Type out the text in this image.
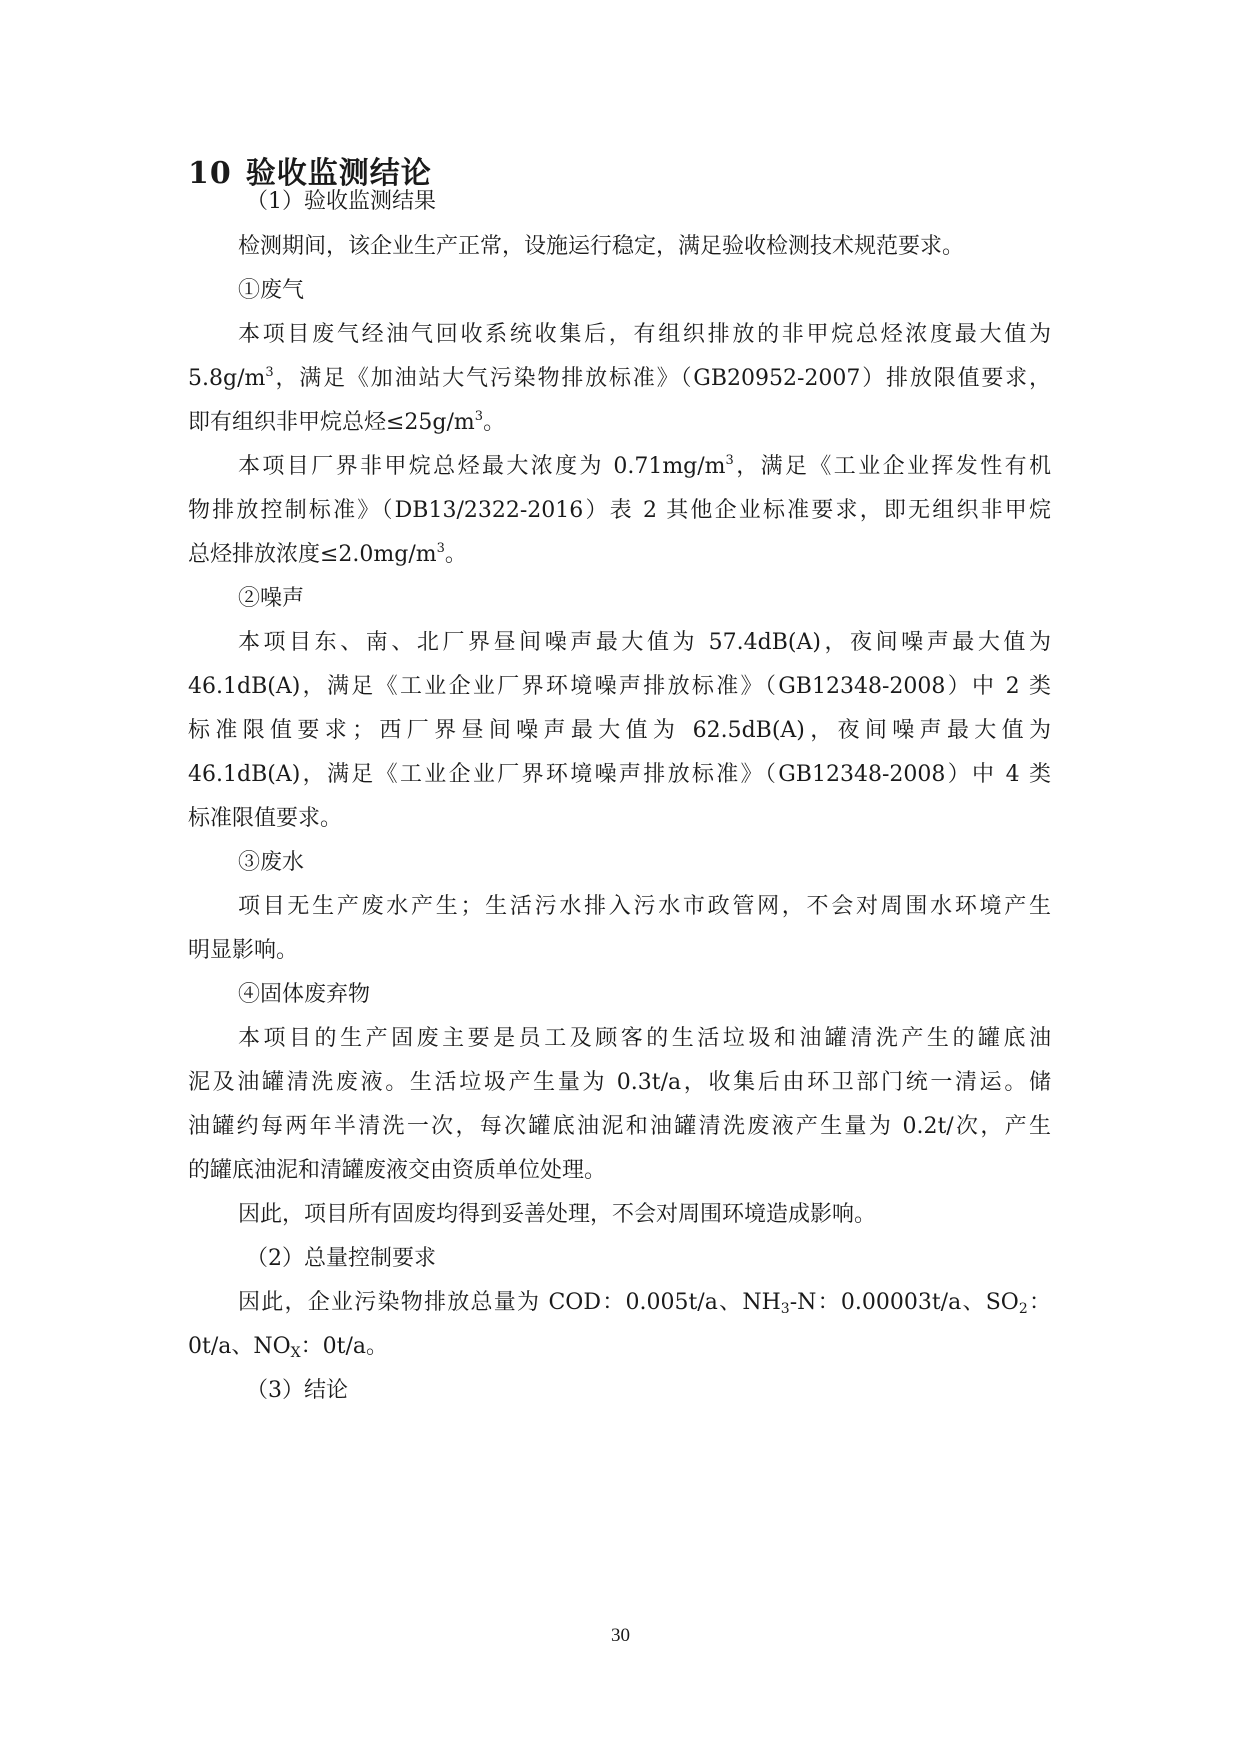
10 验收监测结论
（1）验收监测结果
检测期间，该企业生产正常，设施运行稳定，满足验收检测技术规范要求。
①废气
本项目废气经油气回收系统收集后，有组织排放的非甲烷总烃浓度最大值为
$5.8g/m^3$，满足《加油站大气污染物排放标准》（GB20952-2007）排放限值要求，
即有组织非甲烷总烃$\le 25g/m^3$。
本项目厂界非甲烷总烃最大浓度为 $0.71mg/m^3$，满足《工业企业挥发性有机
物排放控制标准》（DB13/2322-2016）表 2 其他企业标准要求，即无组织非甲烷
总烃排放浓度$\le 2.0mg/m^3$。
②噪声
本项目东、南、北厂界昼间噪声最大值为 57.4dB(A)，夜间噪声最大值为
46.1dB(A)，满足《工业企业厂界环境噪声排放标准》（GB12348-2008）中 2 类
标准限值要求；西厂界昼间噪声最大值为 62.5dB(A)，夜间噪声最大值为
46.1dB(A)，满足《工业企业厂界环境噪声排放标准》（GB12348-2008）中 4 类
标准限值要求。
③废水
项目无生产废水产生；生活污水排入污水市政管网，不会对周围水环境产生
明显影响。
④固体废弃物
本项目的生产固废主要是员工及顾客的生活垃圾和油罐清洗产生的罐底油
泥及油罐清洗废液。生活垃圾产生量为 0.3t/a，收集后由环卫部门统一清运。储
油罐约每两年半清洗一次，每次罐底油泥和油罐清洗废液产生量为 0.2t/次，产生
的罐底油泥和清罐废液交由资质单位处理。
因此，项目所有固废均得到妥善处理，不会对周围环境造成影响。
（2）总量控制要求
因此，企业污染物排放总量为 COD：0.005t/a、$NH_3-N$：0.00003t/a、$SO_2$：
0t/a、$NO_X$：0t/a。
（3）结论
30
